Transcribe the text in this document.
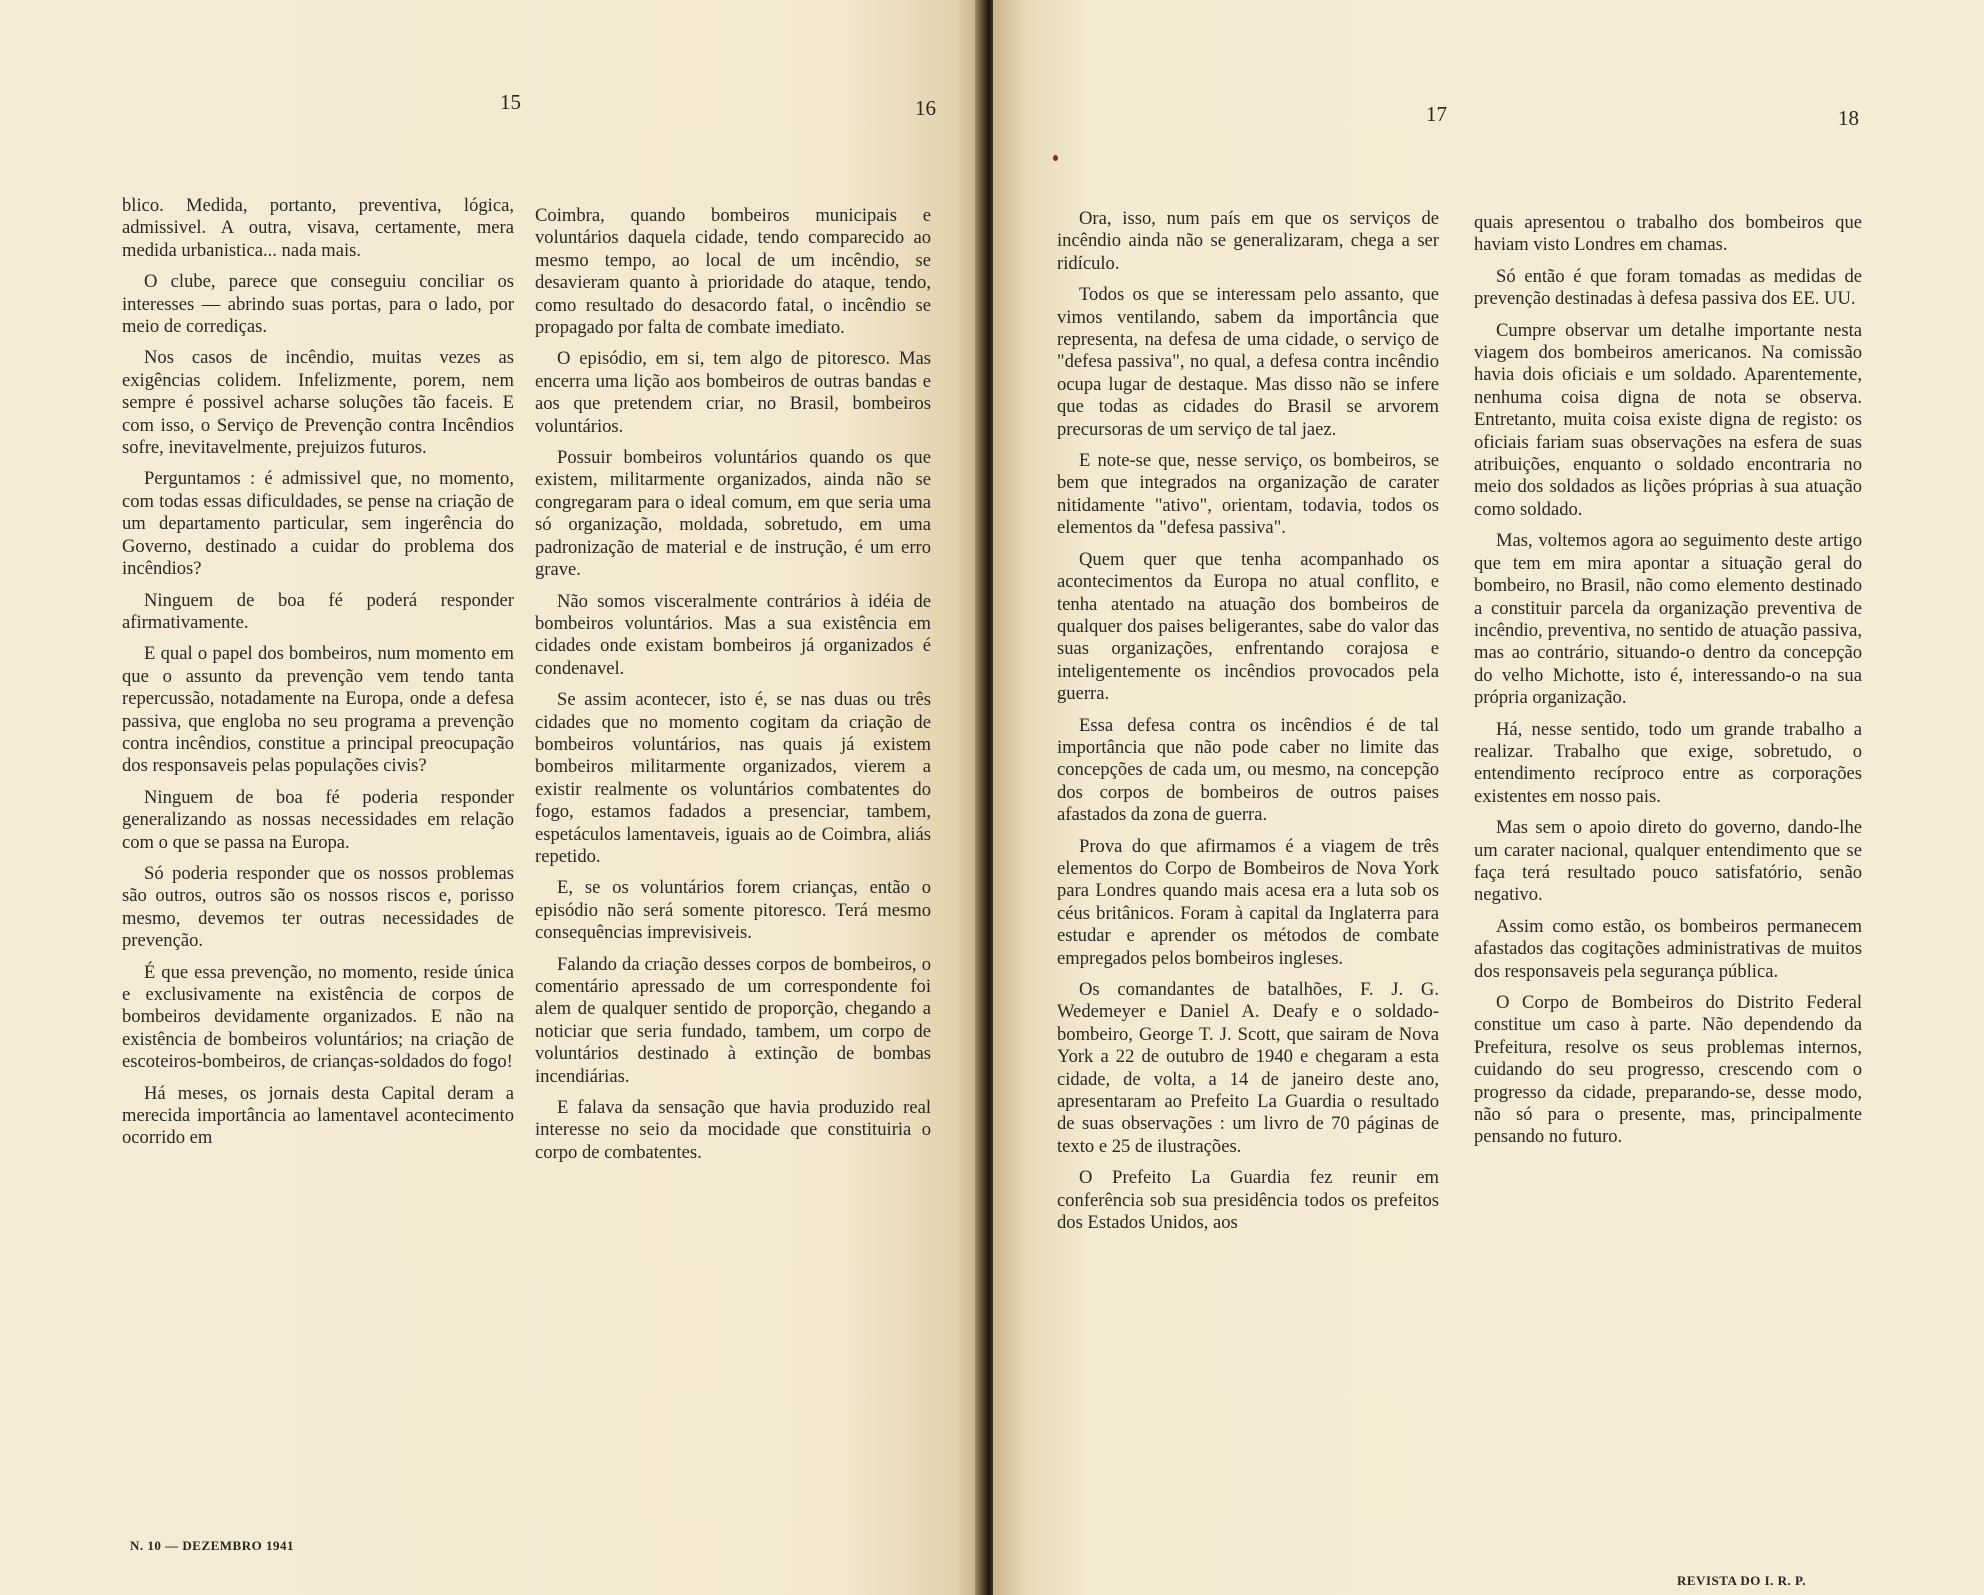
15	16

blico. Medida, portanto, preventiva, lógica, admissivel. A outra, visava, certamente, mera medida urbanistica... nada mais.

O clube, parece que conseguiu conciliar os interesses — abrindo suas portas, para o lado, por meio de corrediças.

Nos casos de incêndio, muitas vezes as exigências colidem. Infelizmente, porem, nem sempre é possivel acharse soluções tão faceis. E com isso, o Serviço de Prevenção contra Incêndios sofre, inevitavelmente, prejuizos futuros.

Perguntamos : é admissivel que, no momento, com todas essas dificuldades, se pense na criação de um departamento particular, sem ingerência do Governo, destinado a cuidar do problema dos incêndios?

Ninguem de boa fé poderá responder afirmativamente.

E qual o papel dos bombeiros, num momento em que o assunto da prevenção vem tendo tanta repercussão, notadamente na Europa, onde a defesa passiva, que engloba no seu programa a prevenção contra incêndios, constitue a principal preocupação dos responsaveis pelas populações civis?

Ninguem de boa fé poderia responder generalizando as nossas necessidades em relação com o que se passa na Europa.

Só poderia responder que os nossos problemas são outros, outros são os nossos riscos e, porisso mesmo, devemos ter outras necessidades de prevenção.

É que essa prevenção, no momento, reside única e exclusivamente na existência de corpos de bombeiros devidamente organizados. E não na existência de bombeiros voluntários; na criação de escoteiros-bombeiros, de crianças-soldados do fogo!

Há meses, os jornais desta Capital deram a merecida importância ao lamentavel acontecimento ocorrido em

Coimbra, quando bombeiros municipais e voluntários daquela cidade, tendo comparecido ao mesmo tempo, ao local de um incêndio, se desavieram quanto à prioridade do ataque, tendo, como resultado do desacordo fatal, o incêndio se propagado por falta de combate imediato.

O episódio, em si, tem algo de pitoresco. Mas encerra uma lição aos bombeiros de outras bandas e aos que pretendem criar, no Brasil, bombeiros voluntários.

Possuir bombeiros voluntários quando os que existem, militarmente organizados, ainda não se congregaram para o ideal comum, em que seria uma só organização, moldada, sobretudo, em uma padronização de material e de instrução, é um erro grave.

Não somos visceralmente contrários à idéia de bombeiros voluntários. Mas a sua existência em cidades onde existam bombeiros já organizados é condenavel.

Se assim acontecer, isto é, se nas duas ou três cidades que no momento cogitam da criação de bombeiros voluntários, nas quais já existem bombeiros militarmente organizados, vierem a existir realmente os voluntários combatentes do fogo, estamos fadados a presenciar, tambem, espetáculos lamentaveis, iguais ao de Coimbra, aliás repetido.

E, se os voluntários forem crianças, então o episódio não será somente pitoresco. Terá mesmo consequências imprevisiveis.

Falando da criação desses corpos de bombeiros, o comentário apressado de um correspondente foi alem de qualquer sentido de proporção, chegando a noticiar que seria fundado, tambem, um corpo de voluntários destinado à extinção de bombas incendiárias.

E falava da sensação que havia produzido real interesse no seio da mocidade que constituiria o corpo de combatentes.

N. 10 — DEZEMBRO 1941
17	18

Ora, isso, num país em que os serviços de incêndio ainda não se generalizaram, chega a ser ridículo.

Todos os que se interessam pelo assanto, que vimos ventilando, sabem da importância que representa, na defesa de uma cidade, o serviço de "defesa passiva", no qual, a defesa contra incêndio ocupa lugar de destaque. Mas disso não se infere que todas as cidades do Brasil se arvorem precursoras de um serviço de tal jaez.

E note-se que, nesse serviço, os bombeiros, se bem que integrados na organização de carater nitidamente "ativo", orientam, todavia, todos os elementos da "defesa passiva".

Quem quer que tenha acompanhado os acontecimentos da Europa no atual conflito, e tenha atentado na atuação dos bombeiros de qualquer dos paises beligerantes, sabe do valor das suas organizações, enfrentando corajosa e inteligentemente os incêndios provocados pela guerra.

Essa defesa contra os incêndios é de tal importância que não pode caber no limite das concepções de cada um, ou mesmo, na concepção dos corpos de bombeiros de outros paises afastados da zona de guerra.

Prova do que afirmamos é a viagem de três elementos do Corpo de Bombeiros de Nova York para Londres quando mais acesa era a luta sob os céus britânicos. Foram à capital da Inglaterra para estudar e aprender os métodos de combate empregados pelos bombeiros ingleses.

Os comandantes de batalhões, F. J. G. Wedemeyer e Daniel A. Deafy e o soldado-bombeiro, George T. J. Scott, que sairam de Nova York a 22 de outubro de 1940 e chegaram a esta cidade, de volta, a 14 de janeiro deste ano, apresentaram ao Prefeito La Guardia o resultado de suas observações : um livro de 70 páginas de texto e 25 de ilustrações.

O Prefeito La Guardia fez reunir em conferência sob sua presidência todos os prefeitos dos Estados Unidos, aos

quais apresentou o trabalho dos bombeiros que haviam visto Londres em chamas.

Só então é que foram tomadas as medidas de prevenção destinadas à defesa passiva dos EE. UU.

Cumpre observar um detalhe importante nesta viagem dos bombeiros americanos. Na comissão havia dois oficiais e um soldado. Aparentemente, nenhuma coisa digna de nota se observa. Entretanto, muita coisa existe digna de registo: os oficiais fariam suas observações na esfera de suas atribuições, enquanto o soldado encontraria no meio dos soldados as lições próprias à sua atuação como soldado.

Mas, voltemos agora ao seguimento deste artigo que tem em mira apontar a situação geral do bombeiro, no Brasil, não como elemento destinado a constituir parcela da organização preventiva de incêndio, preventiva, no sentido de atuação passiva, mas ao contrário, situando-o dentro da concepção do velho Michotte, isto é, interessando-o na sua própria organização.

Há, nesse sentido, todo um grande trabalho a realizar. Trabalho que exige, sobretudo, o entendimento recíproco entre as corporações existentes em nosso pais.

Mas sem o apoio direto do governo, dando-lhe um carater nacional, qualquer entendimento que se faça terá resultado pouco satisfatório, senão negativo.

Assim como estão, os bombeiros permanecem afastados das cogitações administrativas de muitos dos responsaveis pela segurança pública.

O Corpo de Bombeiros do Distrito Federal constitue um caso à parte. Não dependendo da Prefeitura, resolve os seus problemas internos, cuidando do seu progresso, crescendo com o progresso da cidade, preparando-se, desse modo, não só para o presente, mas, principalmente pensando no futuro.

REVISTA DO I. R. P.
